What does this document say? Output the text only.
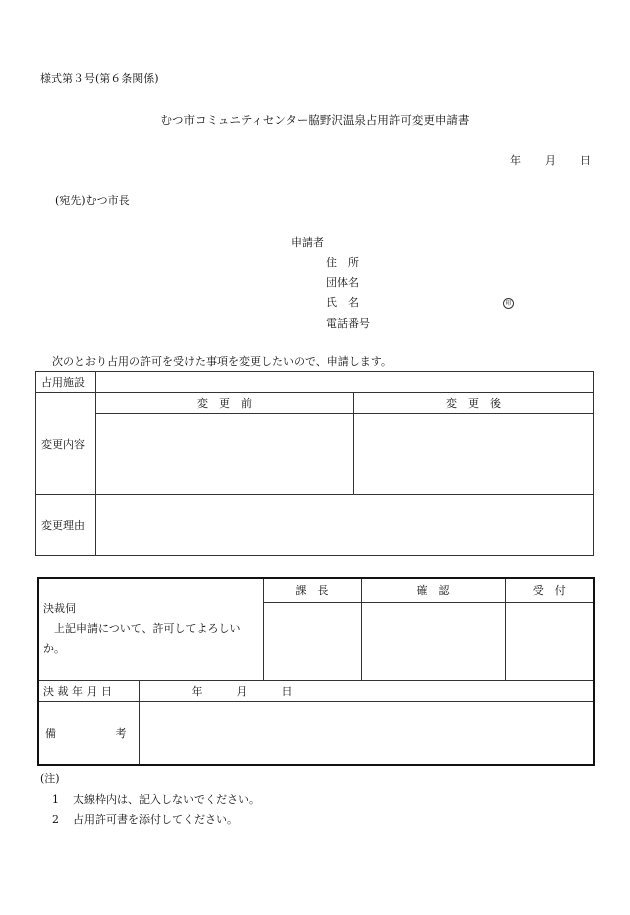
様式第３号(第６条関係)
むつ市コミュニティセンター脇野沢温泉占用許可変更申請書
年 月 日
(宛先)むつ市長
申請者
住　所
団体名
氏　名	印
電話番号
次のとおり占用の許可を受けた事項を変更したいので、申請します。
占用施設		
変更内容	変　更　前	変　更　後

変更理由		
決裁伺
上記申請について、許可してよろしいか。		課　長	確　認	受　付

決 裁 年 月 日	年 月 日			
備 考				

(注)
1 太線枠内は、記入しないでください。
2 占用許可書を添付してください。
